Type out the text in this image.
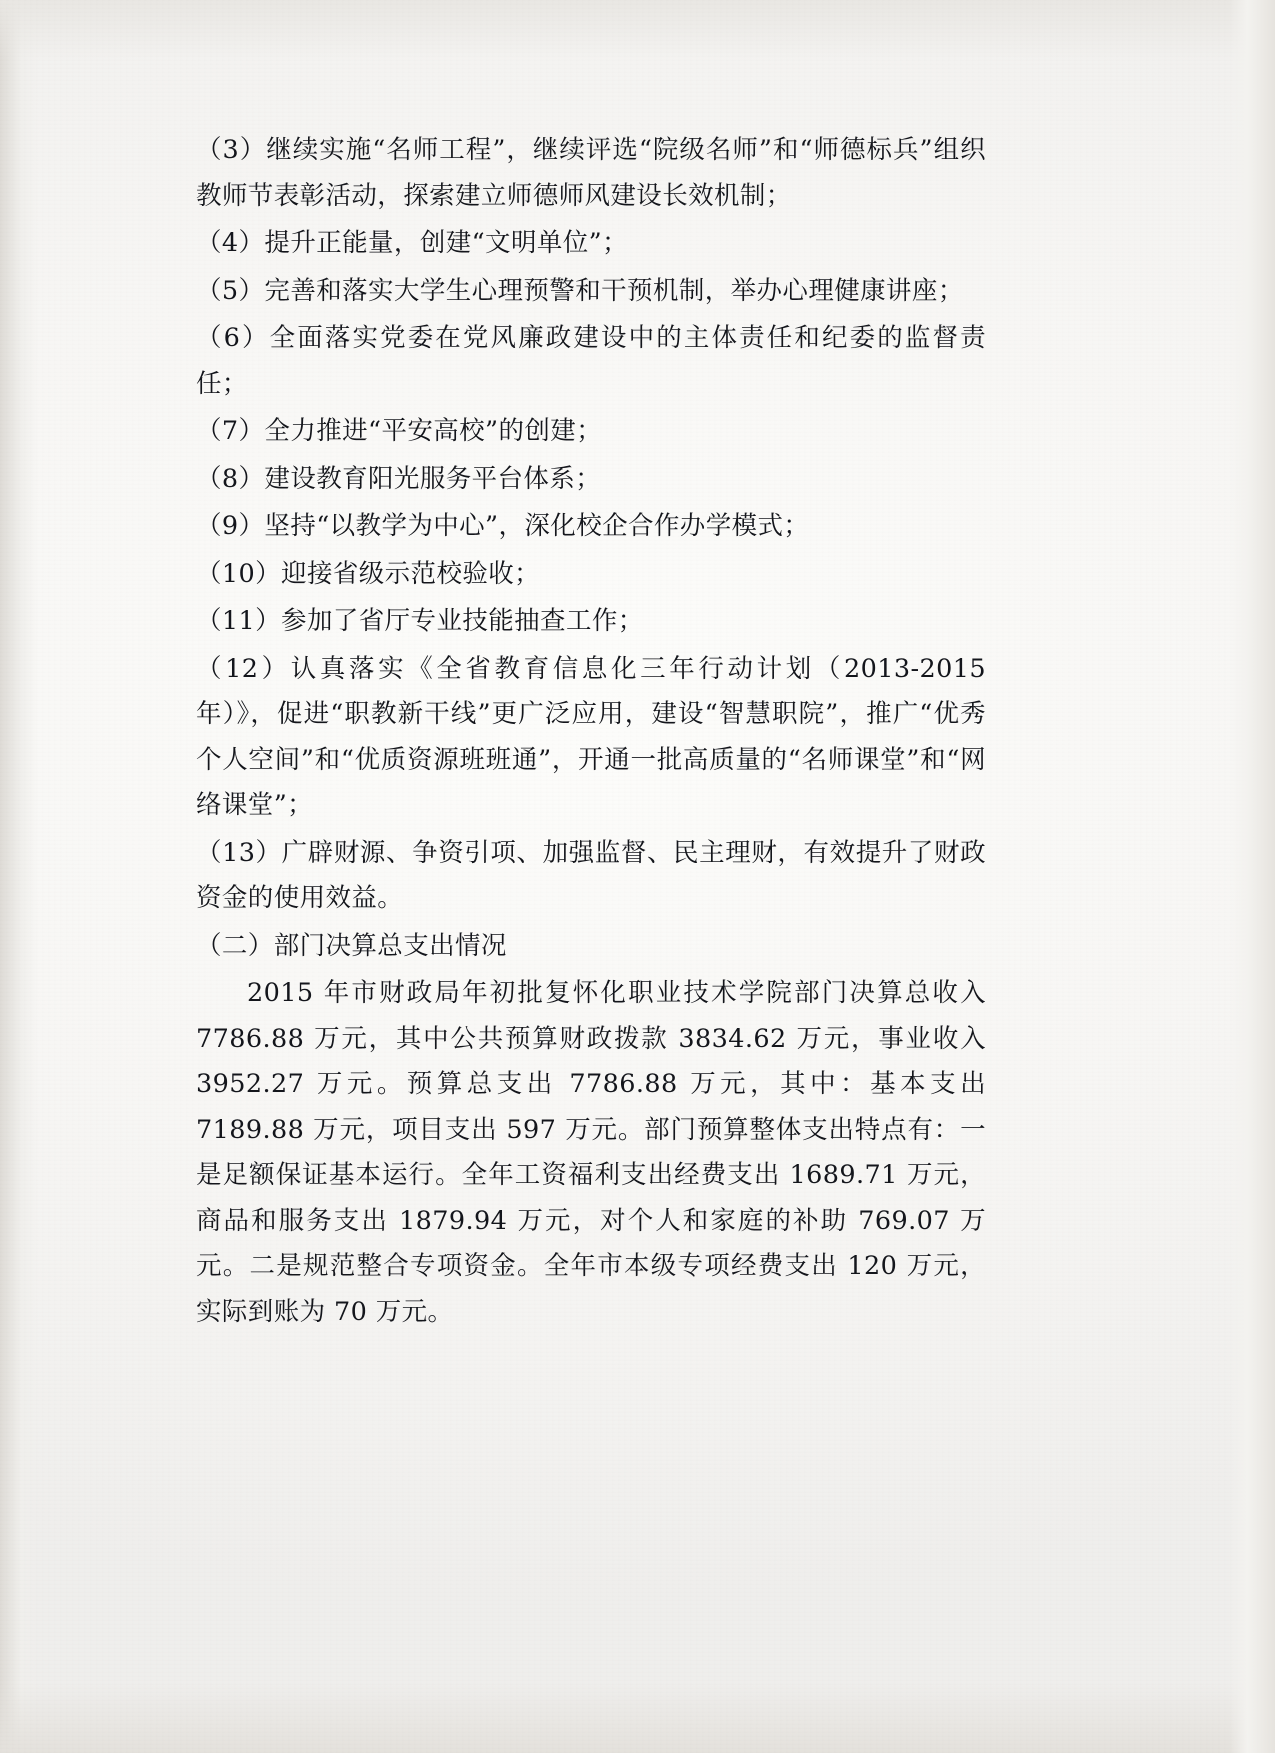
（3）继续实施“名师工程”，继续评选“院级名师”和“师德标兵”组织教师节表彰活动，探索建立师德师风建设长效机制；

（4）提升正能量，创建“文明单位”；

（5）完善和落实大学生心理预警和干预机制，举办心理健康讲座；

（6）全面落实党委在党风廉政建设中的主体责任和纪委的监督责任；

（7）全力推进“平安高校”的创建；

（8）建设教育阳光服务平台体系；

（9）坚持“以教学为中心”，深化校企合作办学模式；

（10）迎接省级示范校验收；

（11）参加了省厅专业技能抽查工作；

（12）认真落实《全省教育信息化三年行动计划（2013-2015年）》，促进“职教新干线”更广泛应用，建设“智慧职院”，推广“优秀个人空间”和“优质资源班班通”，开通一批高质量的“名师课堂”和“网络课堂”；

（13）广辟财源、争资引项、加强监督、民主理财，有效提升了财政资金的使用效益。

（二）部门决算总支出情况

2015 年市财政局年初批复怀化职业技术学院部门决算总收入 7786.88 万元，其中公共预算财政拨款 3834.62 万元，事业收入 3952.27 万元。预算总支出 7786.88 万元，其中：基本支出 7189.88 万元，项目支出 597 万元。部门预算整体支出特点有：一是足额保证基本运行。全年工资福利支出经费支出 1689.71 万元，商品和服务支出 1879.94 万元，对个人和家庭的补助 769.07 万元。二是规范整合专项资金。全年市本级专项经费支出 120 万元，实际到账为 70 万元。
